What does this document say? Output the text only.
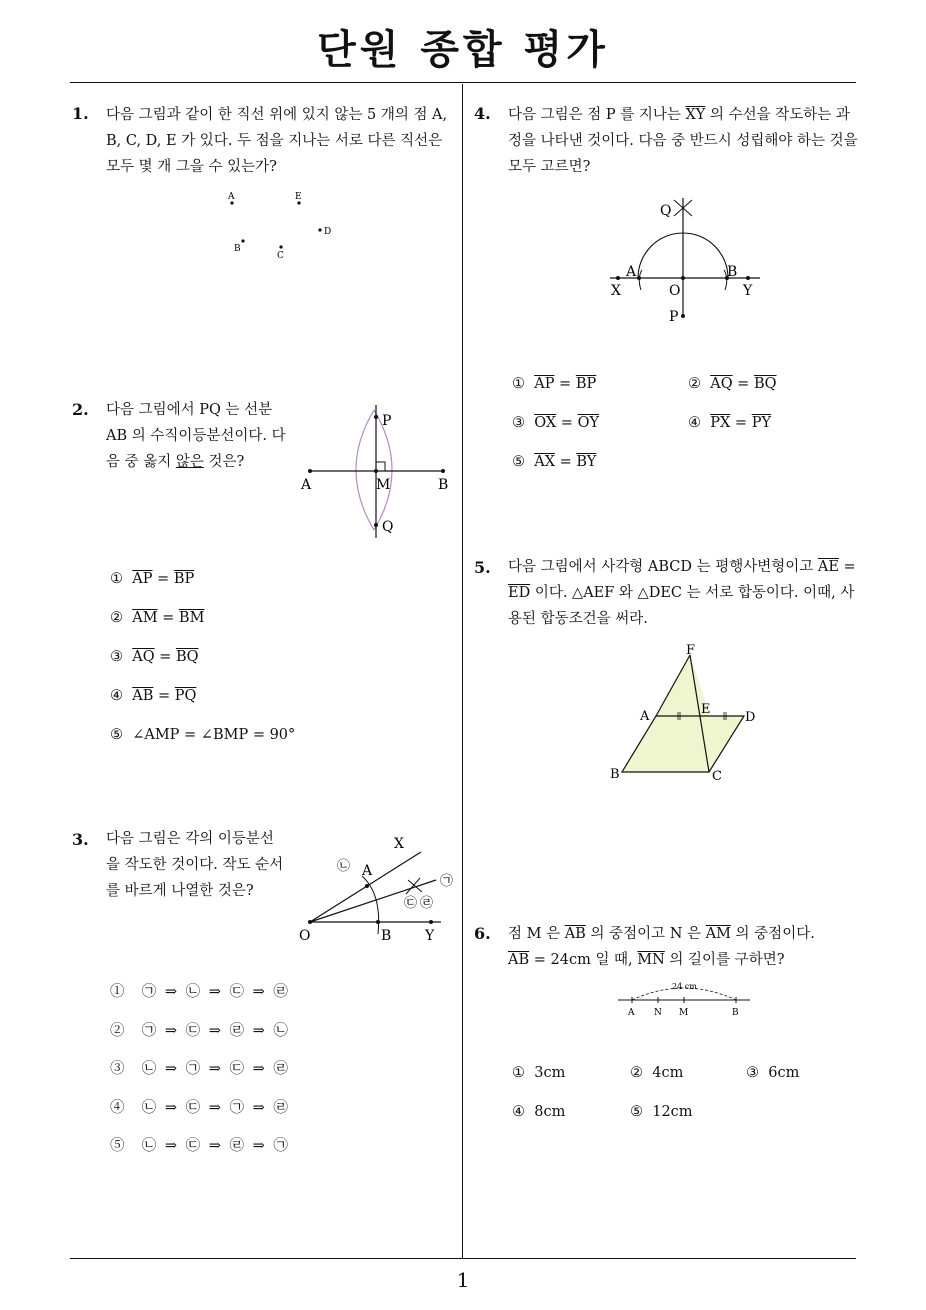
단원 종합 평가
1
1. 다음 그림과 같이 한 직선 위에 있지 않는 5 개의 점 A, B, C, D, E 가 있다. 두 점을 지나는 서로 다른 직선은 모두 몇 개 그을 수 있는가?
A	E
D
B
C
2. 다음 그림에서 PQ 는 선분 AB 의 수직이등분선이다. 다음 중 옳지 않은 것은?
P
A	M	B
Q
① $\overline{AP} = \overline{BP}$
② $\overline{AM} = \overline{BM}$
③ $\overline{AQ} = \overline{BQ}$
④ $\overline{AB} = \overline{PQ}$
⑤ ∠AMP = ∠BMP = 90°
3. 다음 그림은 각의 이등분선을 작도한 것이다. 작도 순서를 바르게 나열한 것은?
X
A
O	B Y
㉠
㉡
㉢ ㉣
① ㉠ ⇒ ㉡ ⇒ ㉢ ⇒ ㉣
② ㉠ ⇒ ㉢ ⇒ ㉣ ⇒ ㉡
③ ㉡ ⇒ ㉠ ⇒ ㉢ ⇒ ㉣
④ ㉡ ⇒ ㉢ ⇒ ㉠ ⇒ ㉣
⑤ ㉡ ⇒ ㉢ ⇒ ㉣ ⇒ ㉠
4. 다음 그림은 점 P 를 지나는 $\overline{XY}$ 의 수선을 작도하는 과정을 나타낸 것이다. 다음 중 반드시 성립해야 하는 것을 모두 고르면?
Q
A	B
X	O	Y
P
① $\overline{AP} = \overline{BP}$	② $\overline{AQ} = \overline{BQ}$
③ $\overline{OX} = \overline{OY}$	④ $\overline{PX} = \overline{PY}$
⑤ $\overline{AX} = \overline{BY}$
5. 다음 그림에서 사각형 ABCD 는 평행사변형이고 $\overline{AE} = \overline{ED}$ 이다. △AEF 와 △DEC 는 서로 합동이다. 이때, 사용된 합동조건을 써라.
F
A	E
D
B	C
6. 점 M 은 $\overline{AB}$ 의 중점이고 N 은 $\overline{AM}$ 의 중점이다.
$\overline{AB} = 24cm$ 일 때, $\overline{MN}$ 의 길이를 구하면?
24 cm
A N M	B
① 3cm	② 4cm	③ 6cm
④ 8cm	⑤ 12cm
